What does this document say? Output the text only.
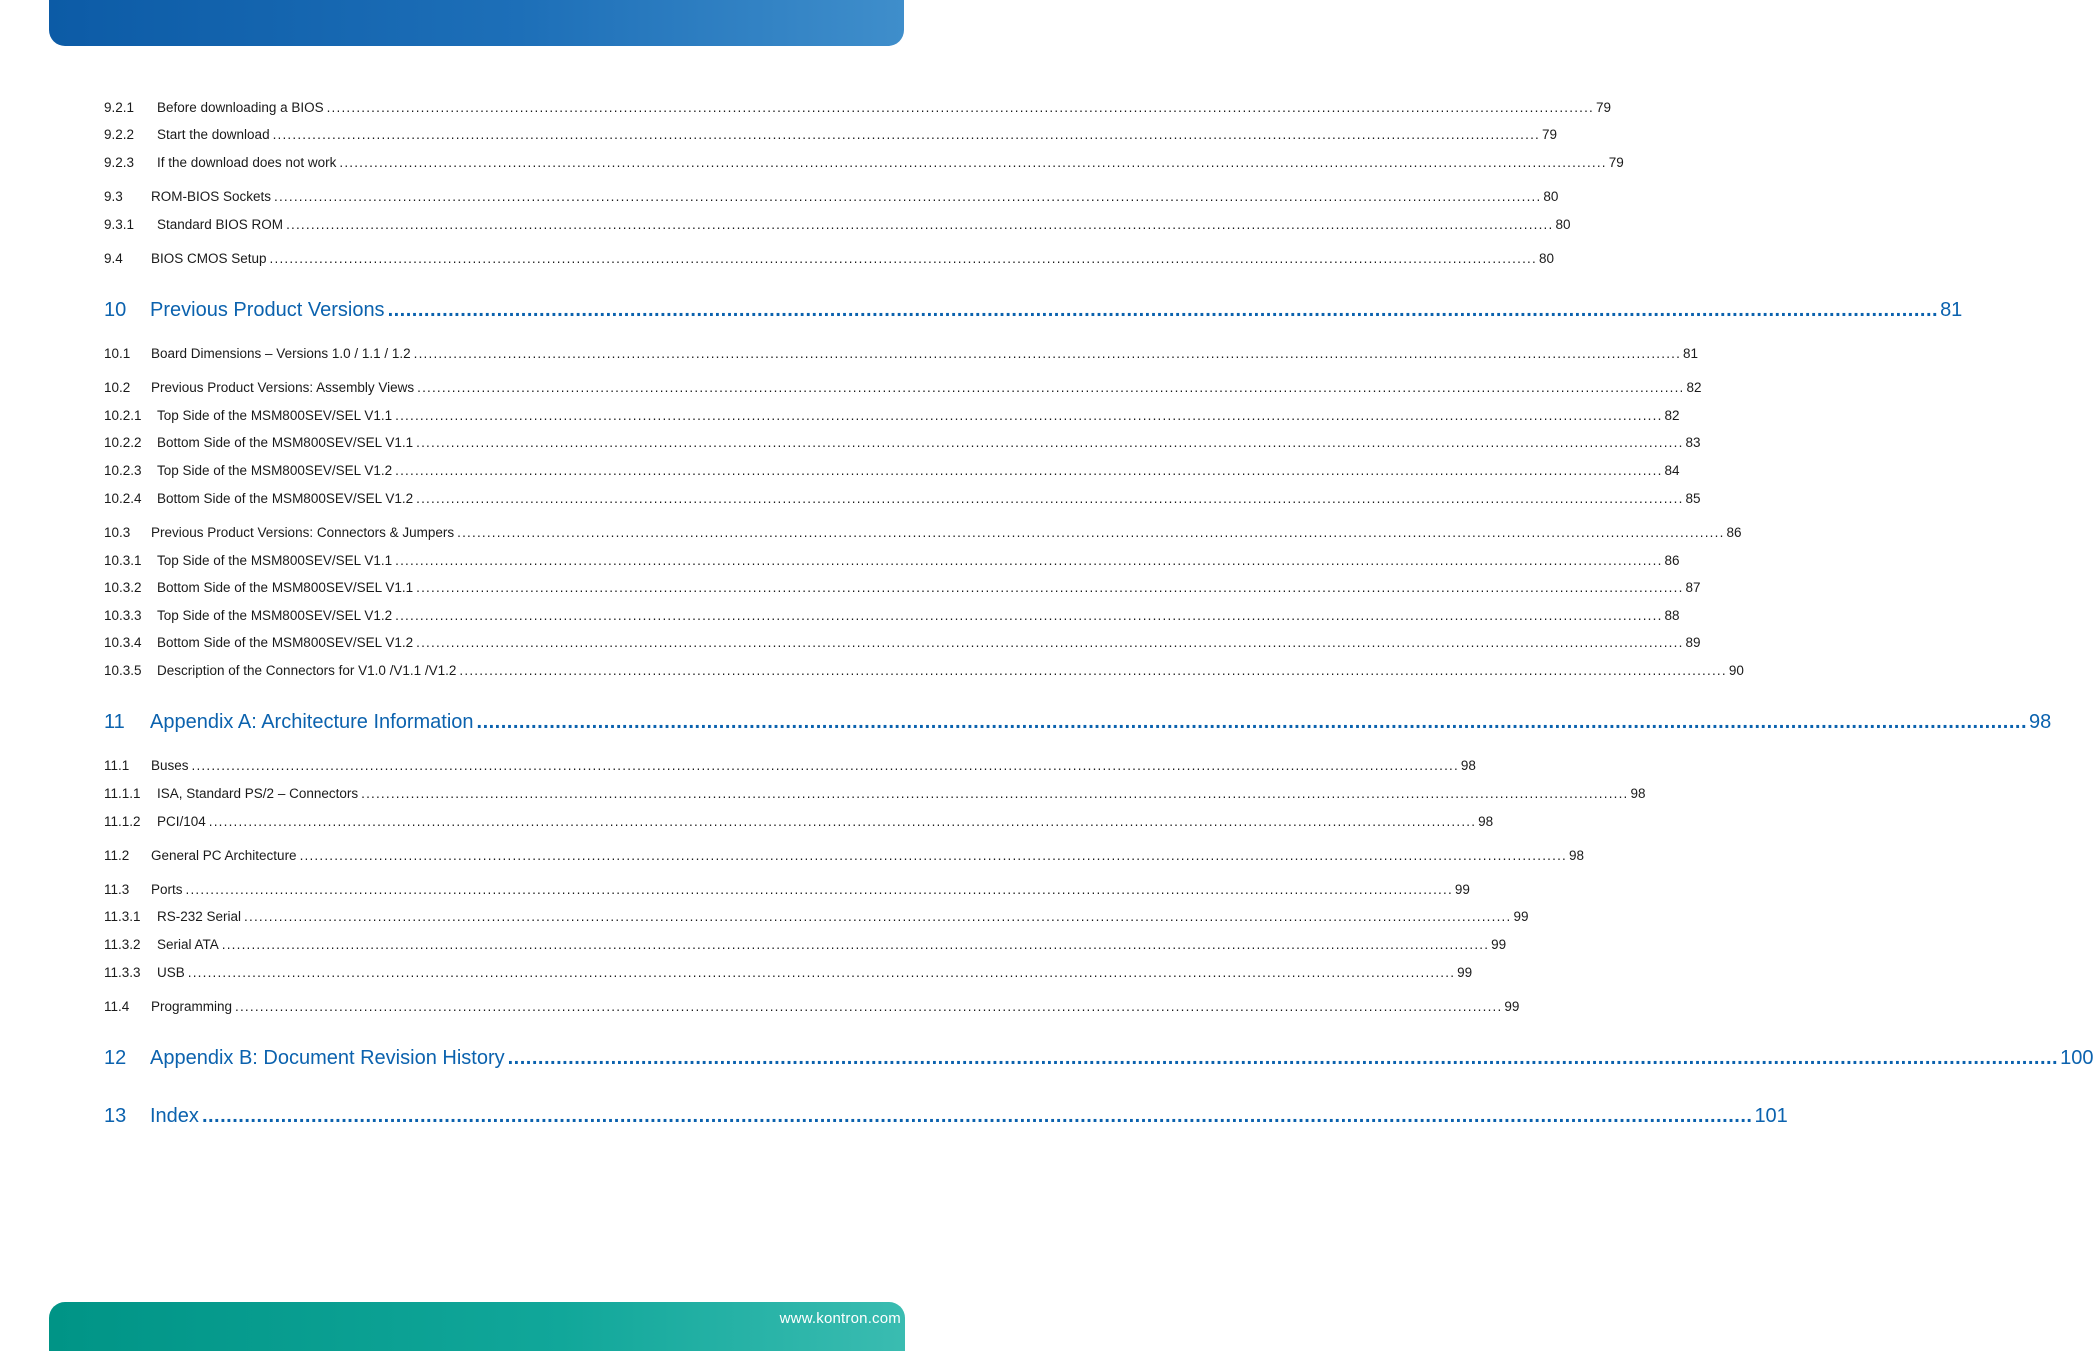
9.2.1	Before downloading a BIOS ................................................................................................................................................................................................................................................................ 79
9.2.2	Start the download ................................................................................................................................................................................................................................................................ 79
9.2.3	If the download does not work ................................................................................................................................................................................................................................................................ 79
9.3	ROM-BIOS Sockets ................................................................................................................................................................................................................................................................ 80
9.3.1	Standard BIOS ROM ................................................................................................................................................................................................................................................................ 80
9.4	BIOS CMOS Setup ................................................................................................................................................................................................................................................................ 80
10	Previous Product Versions ................................................................................................................................................................................................................................................................ 81
10.1	Board Dimensions – Versions 1.0 / 1.1 / 1.2 ................................................................................................................................................................................................................................................................ 81
10.2	Previous Product Versions: Assembly Views ................................................................................................................................................................................................................................................................ 82
10.2.1	Top Side of the MSM800SEV/SEL V1.1 ................................................................................................................................................................................................................................................................ 82
10.2.2	Bottom Side of the MSM800SEV/SEL V1.1 ................................................................................................................................................................................................................................................................ 83
10.2.3	Top Side of the MSM800SEV/SEL V1.2 ................................................................................................................................................................................................................................................................ 84
10.2.4	Bottom Side of the MSM800SEV/SEL V1.2 ................................................................................................................................................................................................................................................................ 85
10.3	Previous Product Versions: Connectors & Jumpers ................................................................................................................................................................................................................................................................ 86
10.3.1	Top Side of the MSM800SEV/SEL V1.1 ................................................................................................................................................................................................................................................................ 86
10.3.2	Bottom Side of the MSM800SEV/SEL V1.1 ................................................................................................................................................................................................................................................................ 87
10.3.3	Top Side of the MSM800SEV/SEL V1.2 ................................................................................................................................................................................................................................................................ 88
10.3.4	Bottom Side of the MSM800SEV/SEL V1.2 ................................................................................................................................................................................................................................................................ 89
10.3.5	Description of the Connectors for V1.0 /V1.1 /V1.2 ................................................................................................................................................................................................................................................................ 90
11	Appendix A: Architecture Information ................................................................................................................................................................................................................................................................ 98
11.1	Buses ................................................................................................................................................................................................................................................................ 98
11.1.1	ISA, Standard PS/2 – Connectors ................................................................................................................................................................................................................................................................ 98
11.1.2	PCI/104 ................................................................................................................................................................................................................................................................ 98
11.2	General PC Architecture ................................................................................................................................................................................................................................................................ 98
11.3	Ports ................................................................................................................................................................................................................................................................ 99
11.3.1	RS-232 Serial ................................................................................................................................................................................................................................................................ 99
11.3.2	Serial ATA ................................................................................................................................................................................................................................................................ 99
11.3.3	USB ................................................................................................................................................................................................................................................................ 99
11.4	Programming ................................................................................................................................................................................................................................................................ 99
12	Appendix B: Document Revision History ................................................................................................................................................................................................................................................................ 100
13	Index ................................................................................................................................................................................................................................................................ 101
www.kontron.com
